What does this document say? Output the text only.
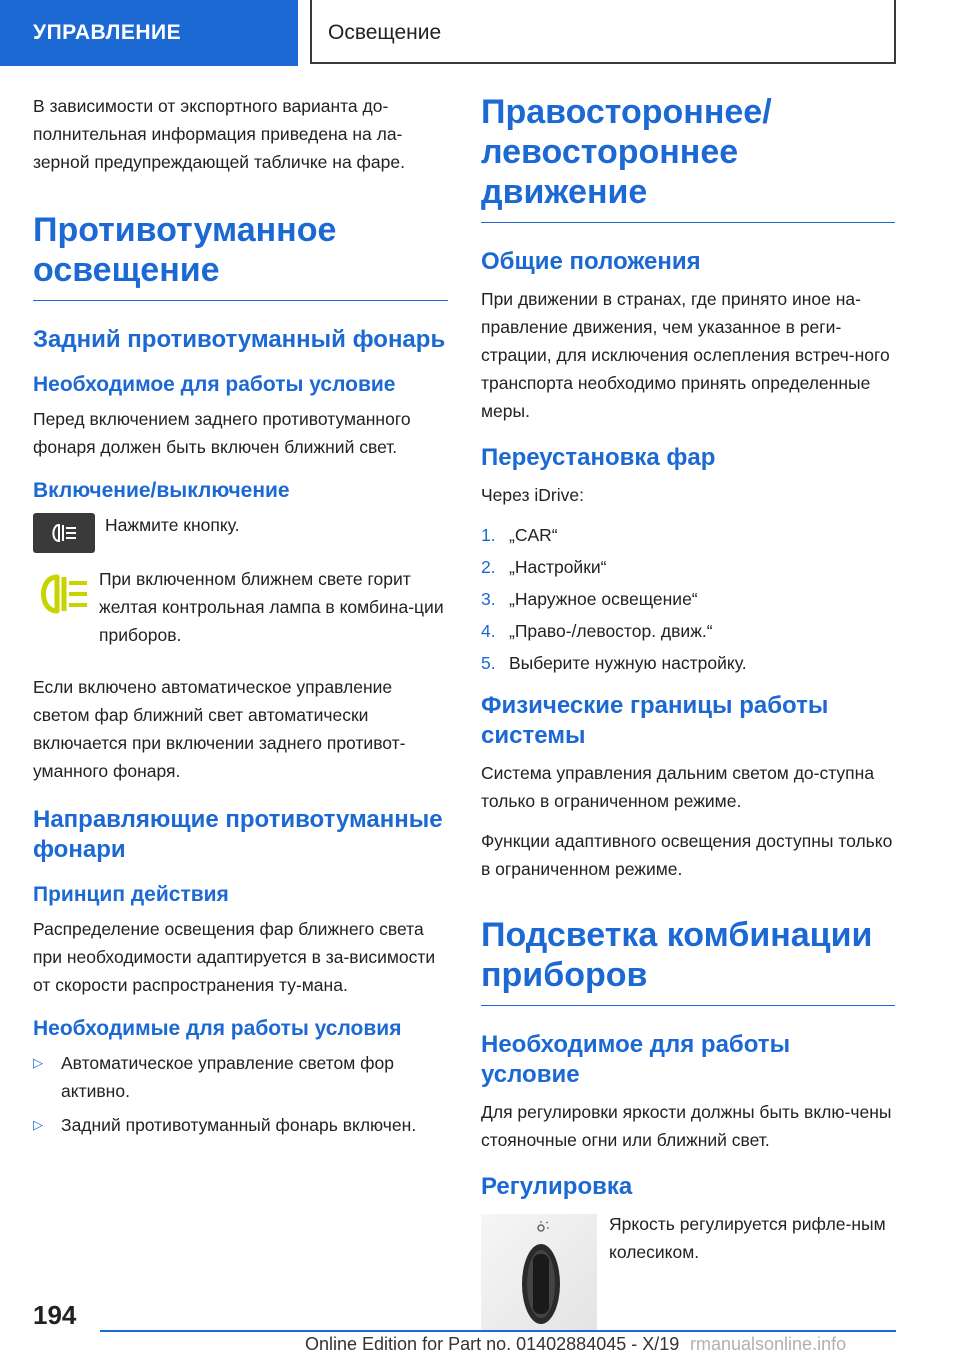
УПРАВЛЕНИЕ	Освещение

В зависимости от экспортного варианта до-полнительная информация приведена на ла-зерной предупреждающей табличке на фаре.

Противотуманное освещение
Задний противотуманный фонарь
Необходимое для работы условие

Перед включением заднего противотуманного фонаря должен быть включен ближний свет.

Включение/выключение

Нажмите кнопку.

При включенном ближнем свете горит желтая контрольная лампа в комбина-ции приборов.

Если включено автоматическое управление светом фар ближний свет автоматически включается при включении заднего противот-уманного фонаря.

Направляющие противотуманные фонари
Принцип действия

Распределение освещения фар ближнего света при необходимости адаптируется в за-висимости от скорости распространения ту-мана.

Необходимые для работы условия
▷ Автоматическое управление светом фор активно.
▷ Задний противотуманный фонарь включен.
Правостороннее/ левостороннее движение
Общие положения

При движении в странах, где принято иное на-правление движения, чем указанное в реги-страции, для исключения ослепления встреч-ного транспорта необходимо принять определенные меры.

Переустановка фар

Через iDrive:

1. „CAR“
2. „Настройки“
3. „Наружное освещение“
4. „Право-/левостор. движ.“
5. Выберите нужную настройку.
Физические границы работы системы

Система управления дальним светом до-ступна только в ограниченном режиме.

Функции адаптивного освещения доступны только в ограниченном режиме.

Подсветка комбинации приборов
Необходимое для работы условие

Для регулировки яркости должны быть вклю-чены стояночные огни или ближний свет.

Регулировка

Яркость регулируется рифле-ным колесиком.

194
Online Edition for Part no. 01402884045 - X/19 rmanualsonline.info
